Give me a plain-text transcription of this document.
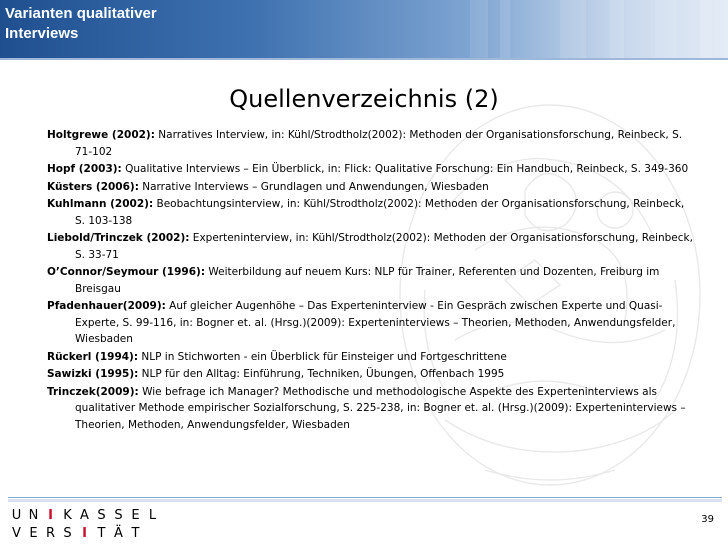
Varianten qualitativer
Interviews
Quellenverzeichnis (2)
Holtgrewe (2002): Narratives Interview, in: Kühl/Strodtholz(2002): Methoden der Organisationsforschung, Reinbeck, S. 71-102
Hopf (2003): Qualitative Interviews – Ein Überblick, in: Flick: Qualitative Forschung: Ein Handbuch, Reinbeck, S. 349-360
Küsters (2006): Narrative Interviews – Grundlagen und Anwendungen, Wiesbaden
Kuhlmann (2002): Beobachtungsinterview, in: Kühl/Strodtholz(2002): Methoden der Organisationsforschung, Reinbeck, S. 103-138
Liebold/Trinczek (2002): Experteninterview, in: Kühl/Strodtholz(2002): Methoden der Organisationsforschung, Reinbeck, S. 33-71
O’Connor/Seymour (1996): Weiterbildung auf neuem Kurs: NLP für Trainer, Referenten und Dozenten, Freiburg im Breisgau
Pfadenhauer(2009): Auf gleicher Augenhöhe – Das Experteninterview - Ein Gespräch zwischen Experte und Quasi-Experte, S. 99-116, in: Bogner et. al. (Hrsg.)(2009): Experteninterviews – Theorien, Methoden, Anwendungsfelder, Wiesbaden
Rückerl (1994): NLP in Stichworten - ein Überblick für Einsteiger und Fortgeschrittene
Sawizki (1995): NLP für den Alltag: Einführung, Techniken, Übungen, Offenbach 1995
Trinczek(2009): Wie befrage ich Manager? Methodische und methodologische Aspekte des Experteninterviews als qualitativer Methode empirischer Sozialforschung, S. 225-238, in: Bogner et. al. (Hrsg.)(2009): Experteninterviews – Theorien, Methoden, Anwendungsfelder, Wiesbaden
U N I K A S S E L
V E R S I T Ä T
39
